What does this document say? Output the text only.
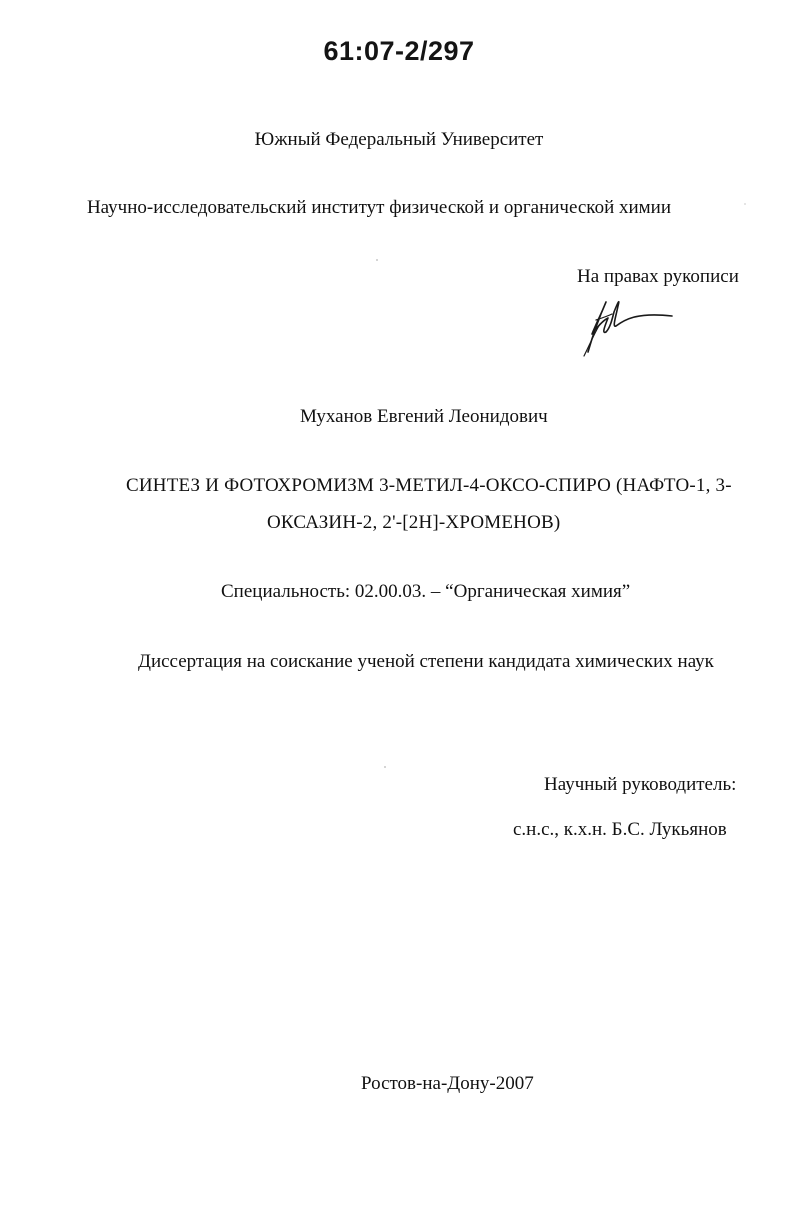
61:07-2/297
Южный Федеральный Университет
Научно-исследовательский институт физической и органической химии
На правах рукописи
Муханов Евгений Леонидович
СИНТЕЗ И ФОТОХРОМИЗМ 3-МЕТИЛ-4-ОКСО-СПИРО (НАФТО-1, 3-
ОКСАЗИН-2, 2'-[2Н]-ХРОМЕНОВ)
Специальность: 02.00.03. – “Органическая химия”
Диссертация на соискание ученой степени кандидата химических наук
Научный руководитель:
с.н.с., к.х.н. Б.С. Лукьянов
Ростов-на-Дону-2007
